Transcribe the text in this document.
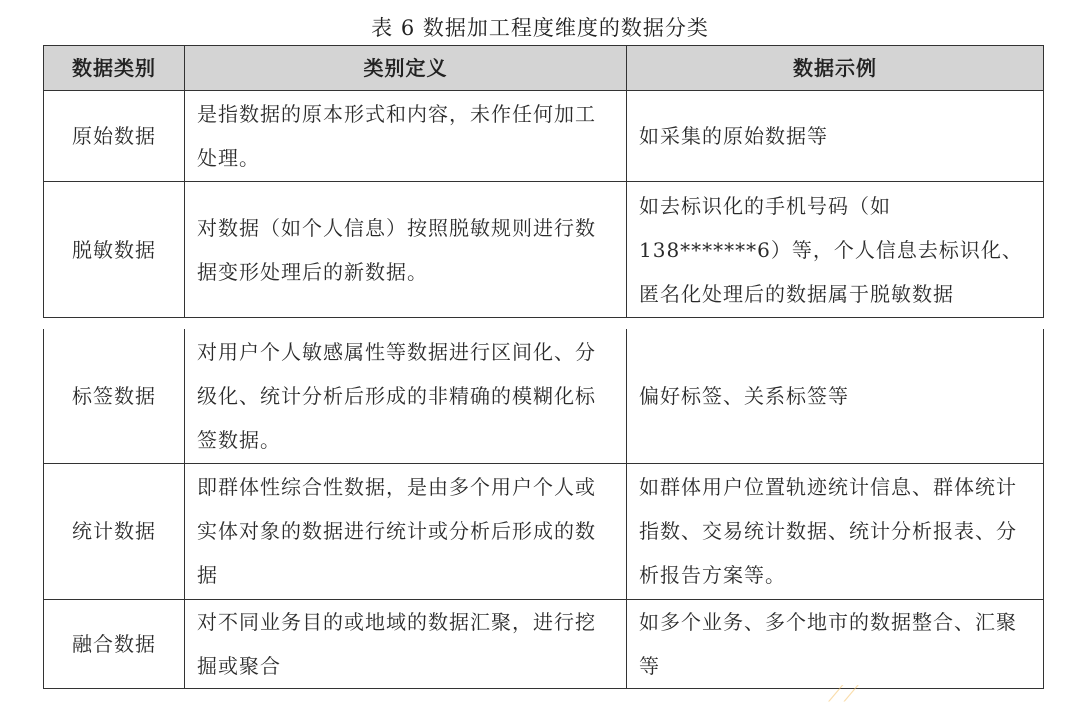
表 6 数据加工程度维度的数据分类
数据类别	类别定义	数据示例
原始数据	是指数据的原本形式和内容，未作任何加工处理。	如采集的原始数据等
脱敏数据	对数据（如个人信息）按照脱敏规则进行数据变形处理后的新数据。	如去标识化的手机号码（如138*******6）等，个人信息去标识化、匿名化处理后的数据属于脱敏数据
标签数据	对用户个人敏感属性等数据进行区间化、分级化、统计分析后形成的非精确的模糊化标签数据。	偏好标签、关系标签等
统计数据	即群体性综合性数据，是由多个用户个人或实体对象的数据进行统计或分析后形成的数据	如群体用户位置轨迹统计信息、群体统计指数、交易统计数据、统计分析报表、分析报告方案等。
融合数据	对不同业务目的或地域的数据汇聚，进行挖掘或聚合	如多个业务、多个地市的数据整合、汇聚等
⟋⟋
